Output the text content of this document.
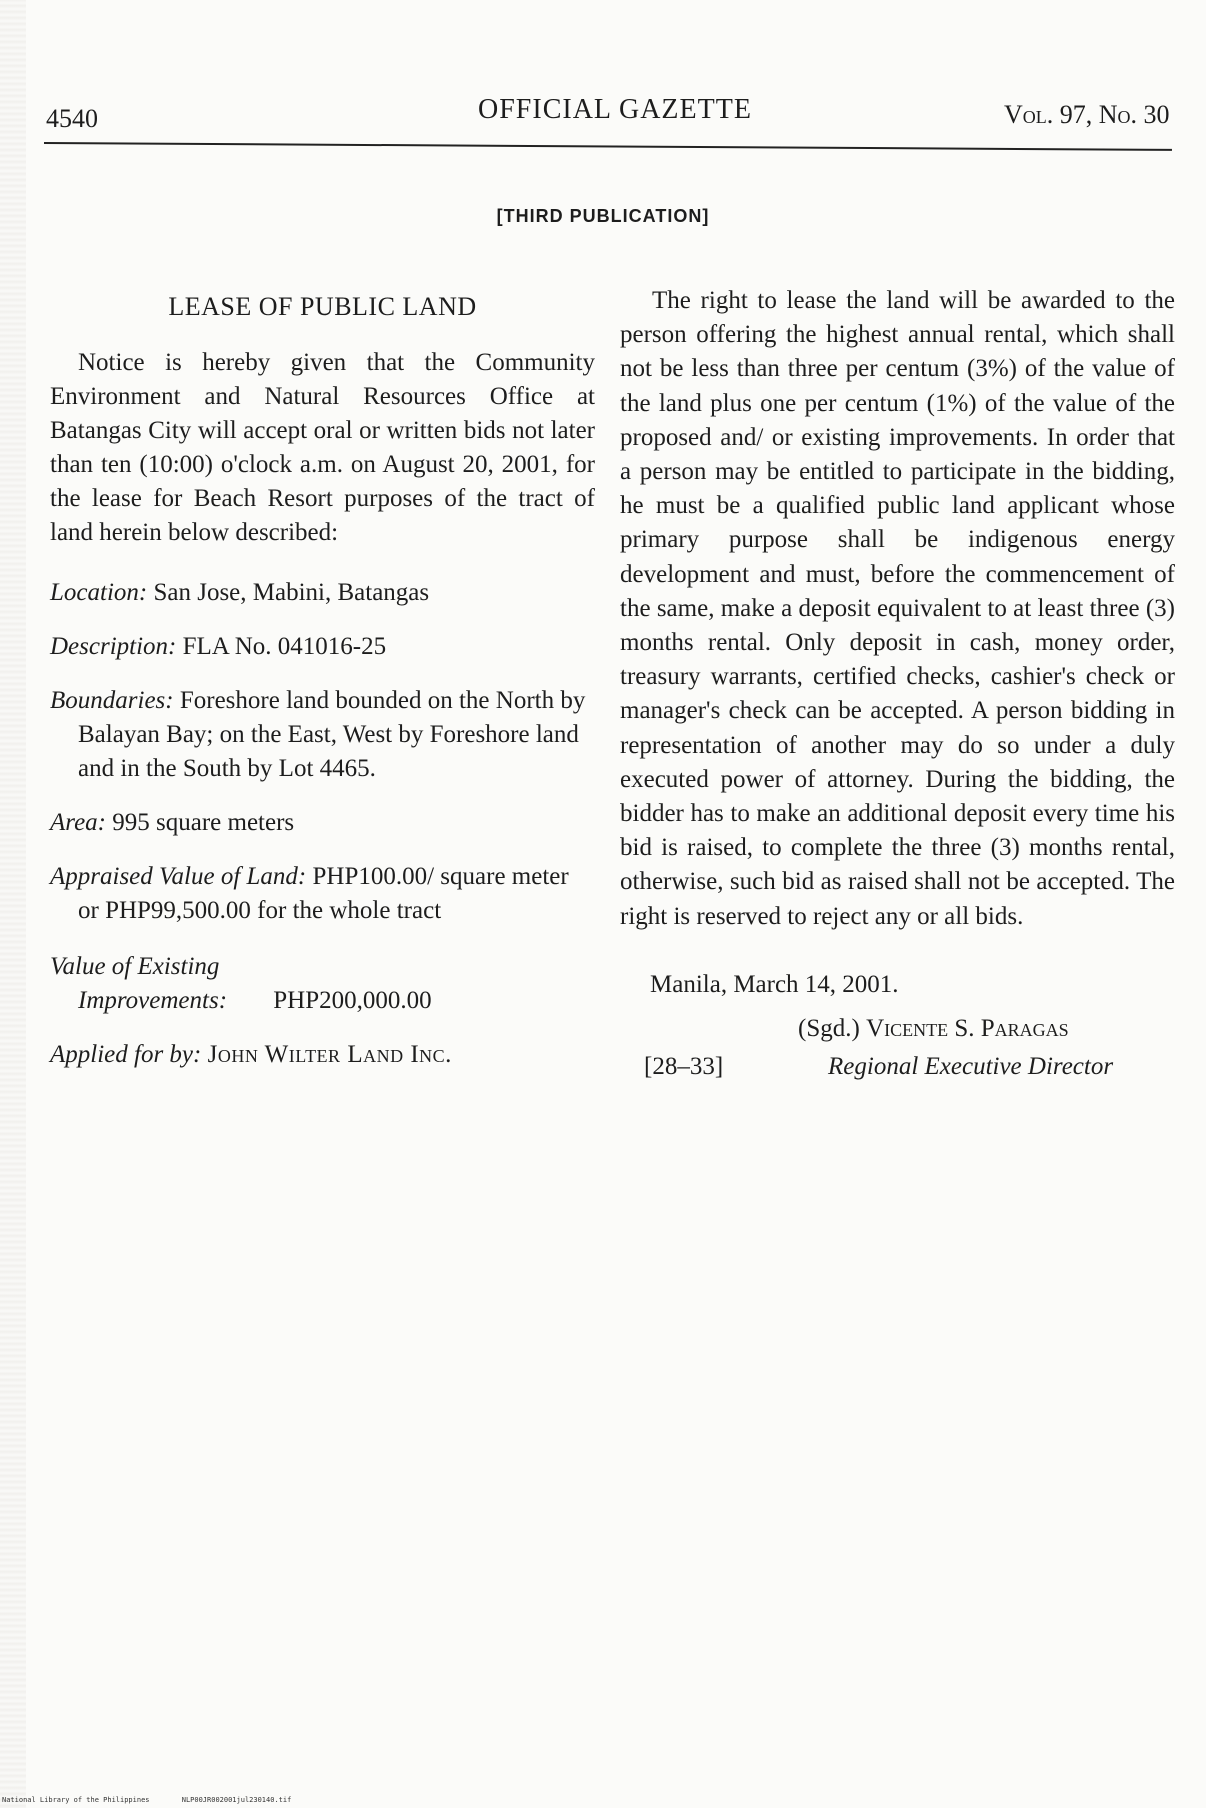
4540	OFFICIAL GAZETTE	Vol. 97, No. 30
[THIRD PUBLICATION]
LEASE OF PUBLIC LAND

Notice is hereby given that the Community Environment and Natural Resources Office at Batangas City will accept oral or written bids not later than ten (10:00) o'clock a.m. on August 20, 2001, for the lease for Beach Resort purposes of the tract of land herein below described:

Location: San Jose, Mabini, Batangas
Description: FLA No. 041016-25
Boundaries: Foreshore land bounded on the North by Balayan Bay; on the East, West by Foreshore land and in the South by Lot 4465.
Area: 995 square meters
Appraised Value of Land: PHP100.00/ square meter or PHP99,500.00 for the whole tract
Value of Existing
Improvements: PHP200,000.00
Applied for by: John Wilter Land Inc.

The right to lease the land will be awarded to the person offering the highest annual rental, which shall not be less than three per centum (3%) of the value of the land plus one per centum (1%) of the value of the proposed and/ or existing improvements. In order that a person may be entitled to participate in the bidding, he must be a qualified public land applicant whose primary purpose shall be indigenous energy development and must, before the commencement of the same, make a deposit equivalent to at least three (3) months rental. Only deposit in cash, money order, treasury warrants, certified checks, cashier's check or manager's check can be accepted. A person bidding in representation of another may do so under a duly executed power of attorney. During the bidding, the bidder has to make an additional deposit every time his bid is raised, to complete the three (3) months rental, otherwise, such bid as raised shall not be accepted. The right is reserved to reject any or all bids.

Manila, March 14, 2001.
(Sgd.) Vicente S. Paragas
[28–33]	Regional Executive Director
National Library of the Philippines	NLP00JR002001jul230140.tif
